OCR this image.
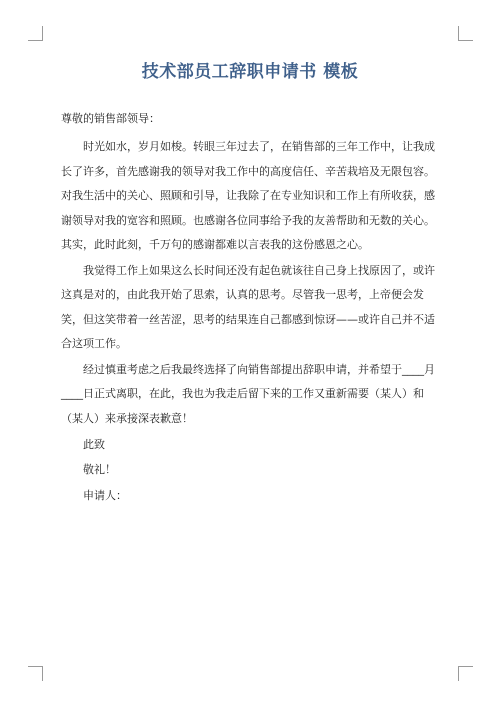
技术部员工辞职申请书 模板

尊敬的销售部领导：

时光如水，岁月如梭。转眼三年过去了，在销售部的三年工作中，让我成长了许多，首先感谢我的领导对我工作中的高度信任、辛苦栽培及无限包容。对我生活中的关心、照顾和引导，让我除了在专业知识和工作上有所收获，感谢领导对我的宽容和照顾。也感谢各位同事给予我的友善帮助和无数的关心。其实，此时此刻，千万句的感谢都难以言表我的这份感恩之心。

我觉得工作上如果这么长时间还没有起色就该往自己身上找原因了，或许这真是对的，由此我开始了思索，认真的思考。尽管我一思考，上帝便会发笑，但这笑带着一丝苦涩，思考的结果连自己都感到惊讶——或许自己并不适合这项工作。

经过慎重考虑之后我最终选择了向销售部提出辞职申请，并希望于____月____日正式离职，在此，我也为我走后留下来的工作又重新需要（某人）和（某人）来承接深表歉意！

此致

敬礼！

申请人：
